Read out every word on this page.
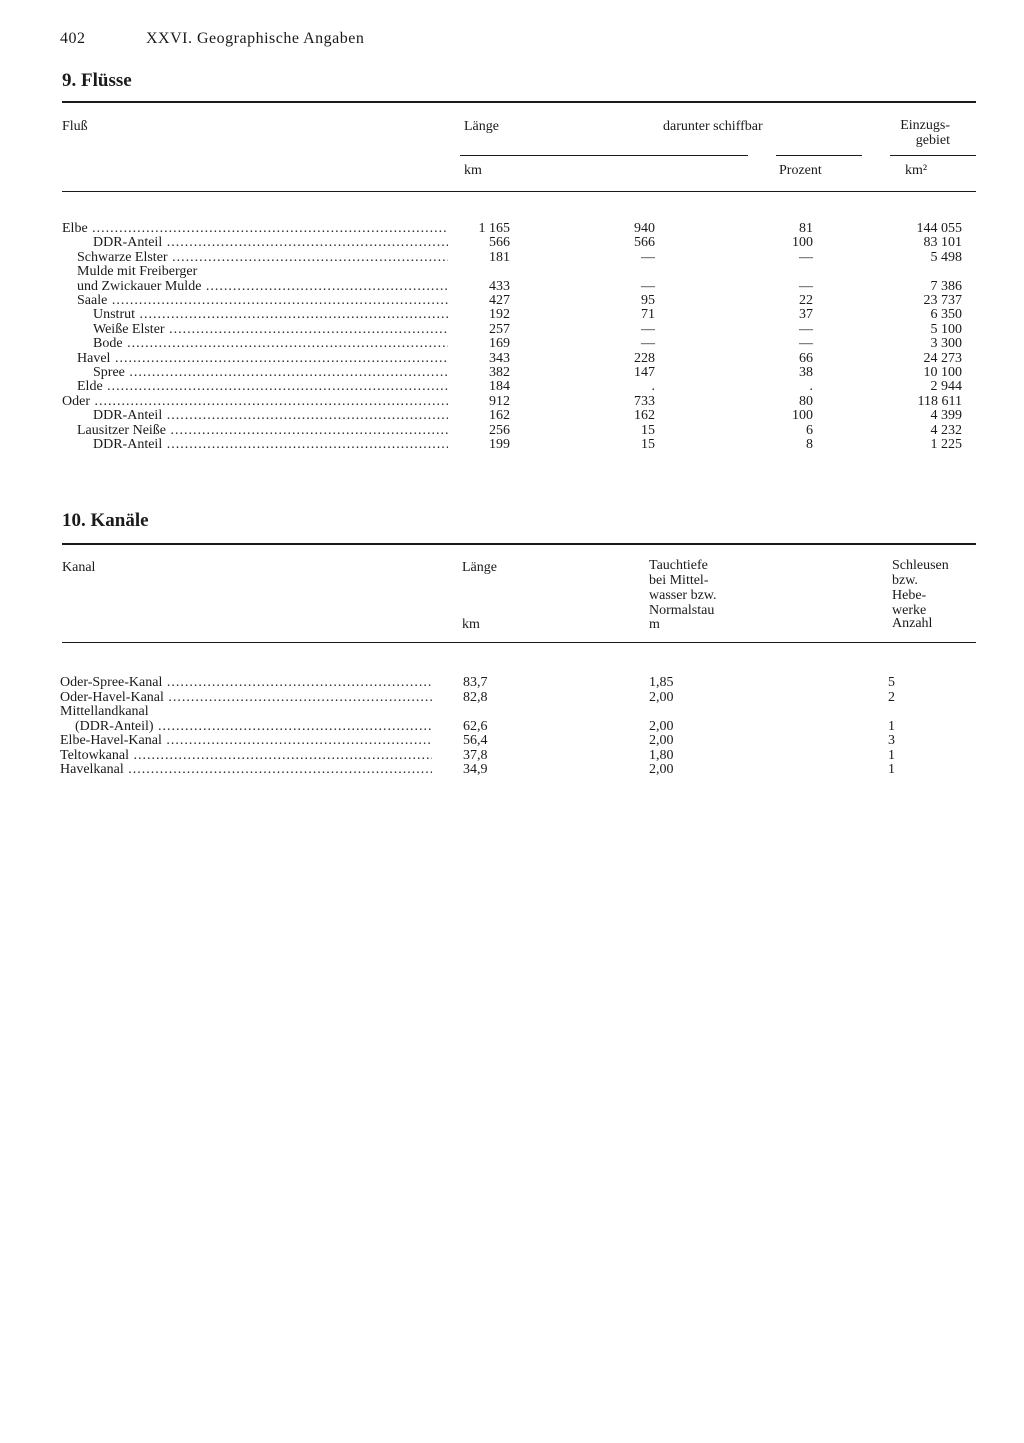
402	XXVI. Geographische Angaben
9. Flüsse
Fluß	Länge	darunter schiffbar	Einzugs-
gebiet
km	Prozent	km²
Elbe .....	1 165	940	81	144 055
DDR-Anteil .....	566	566	100	83 101
Schwarze Elster .....	181	—	—	5 498
Mulde mit Freiberger
und Zwickauer Mulde .....	433	—	—	7 386
Saale .....	427	95	22	23 737
Unstrut .....	192	71	37	6 350
Weiße Elster .....	257	—	—	5 100
Bode .....	169	—	—	3 300
Havel .....	343	228	66	24 273
Spree .....	382	147	38	10 100
Elde .....	184	.	.	2 944
Oder .....	912	733	80	118 611
DDR-Anteil .....	162	162	100	4 399
Lausitzer Neiße .....	256	15	6	4 232
DDR-Anteil .....	199	15	8	1 225
10. Kanäle
Kanal	Länge	Tauchtiefe
bei Mittel-
wasser bzw.
Normalstau
Schleusen
bzw.
Hebe-
werke
km	m	Anzahl
Oder-Spree-Kanal .....	83,7	1,85	5
Oder-Havel-Kanal .....	82,8	2,00	2
Mittellandkanal
(DDR-Anteil) .....	62,6	2,00	1
Elbe-Havel-Kanal .....	56,4	2,00	3
Teltowkanal .....	37,8	1,80	1
Havelkanal .....	34,9	2,00	1
